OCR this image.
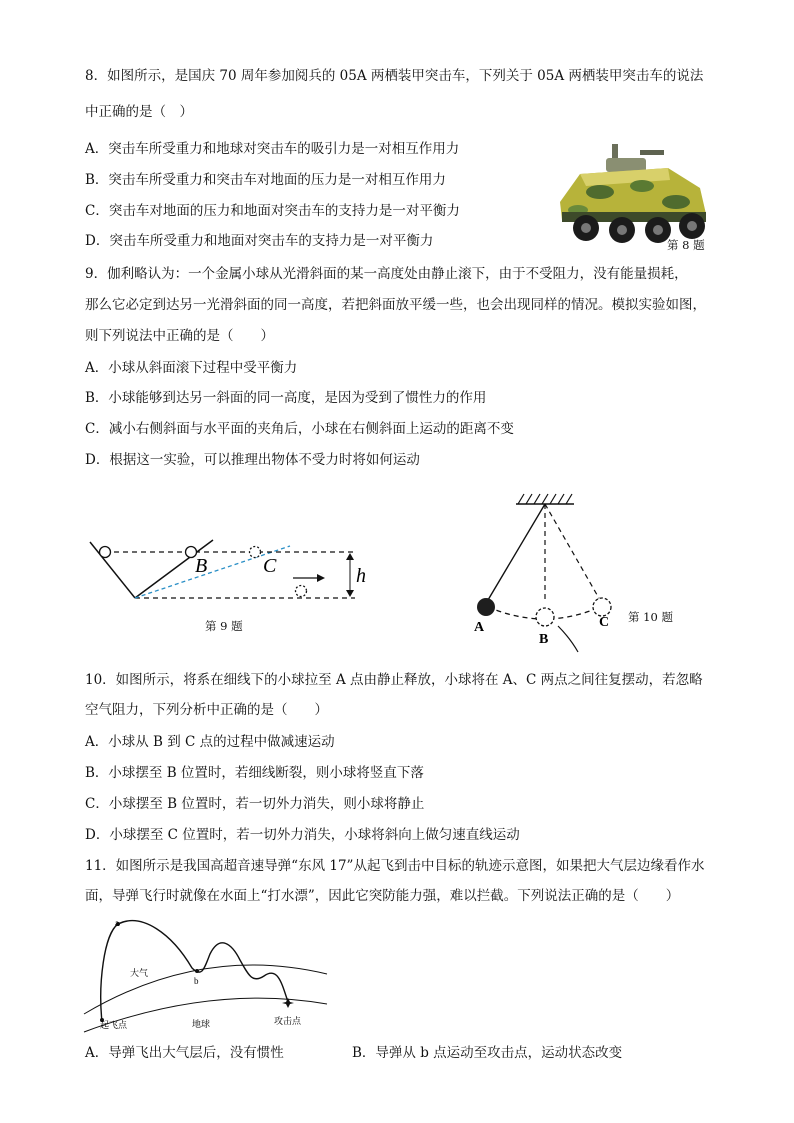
8．如图所示，是国庆 70 周年参加阅兵的 05A 两栖装甲突击车，下列关于 05A 两栖装甲突击车的说法
中正确的是（　）
A．突击车所受重力和地球对突击车的吸引力是一对相互作用力
B．突击车所受重力和突击车对地面的压力是一对相互作用力
C．突击车对地面的压力和地面对突击车的支持力是一对平衡力
D．突击车所受重力和地面对突击车的支持力是一对平衡力	第 8 题
9．伽利略认为：一个金属小球从光滑斜面的某一高度处由静止滚下，由于不受阻力，没有能量损耗，
那么它必定到达另一光滑斜面的同一高度，若把斜面放平缓一些，也会出现同样的情况。模拟实验如图，
则下列说法中正确的是（　　）
A．小球从斜面滚下过程中受平衡力
B．小球能够到达另一斜面的同一高度，是因为受到了惯性力的作用
C．减小右侧斜面与水平面的夹角后，小球在右侧斜面上运动的距离不变
D．根据这一实验，可以推理出物体不受力时将如何运动
B	C	h
第 9 题	A
B
C 第 10 题
10．如图所示，将系在细线下的小球拉至 A 点由静止释放，小球将在 A、C 两点之间往复摆动，若忽略
空气阻力，下列分析中正确的是（　　）
A．小球从 B 到 C 点的过程中做减速运动
B．小球摆至 B 位置时，若细线断裂，则小球将竖直下落
C．小球摆至 B 位置时，若一切外力消失，则小球将静止
D．小球摆至 C 位置时，若一切外力消失，小球将斜向上做匀速直线运动
11．如图所示是我国高超音速导弹“东风 17”从起飞到击中目标的轨迹示意图，如果把大气层边缘看作水
面，导弹飞行时就像在水面上“打水漂”，因此它突防能力强，难以拦截。下列说法正确的是（　　）
a
b
大气
地球
起飞点	攻击点
A．导弹飞出大气层后，没有惯性	B．导弹从 b 点运动至攻击点，运动状态改变
